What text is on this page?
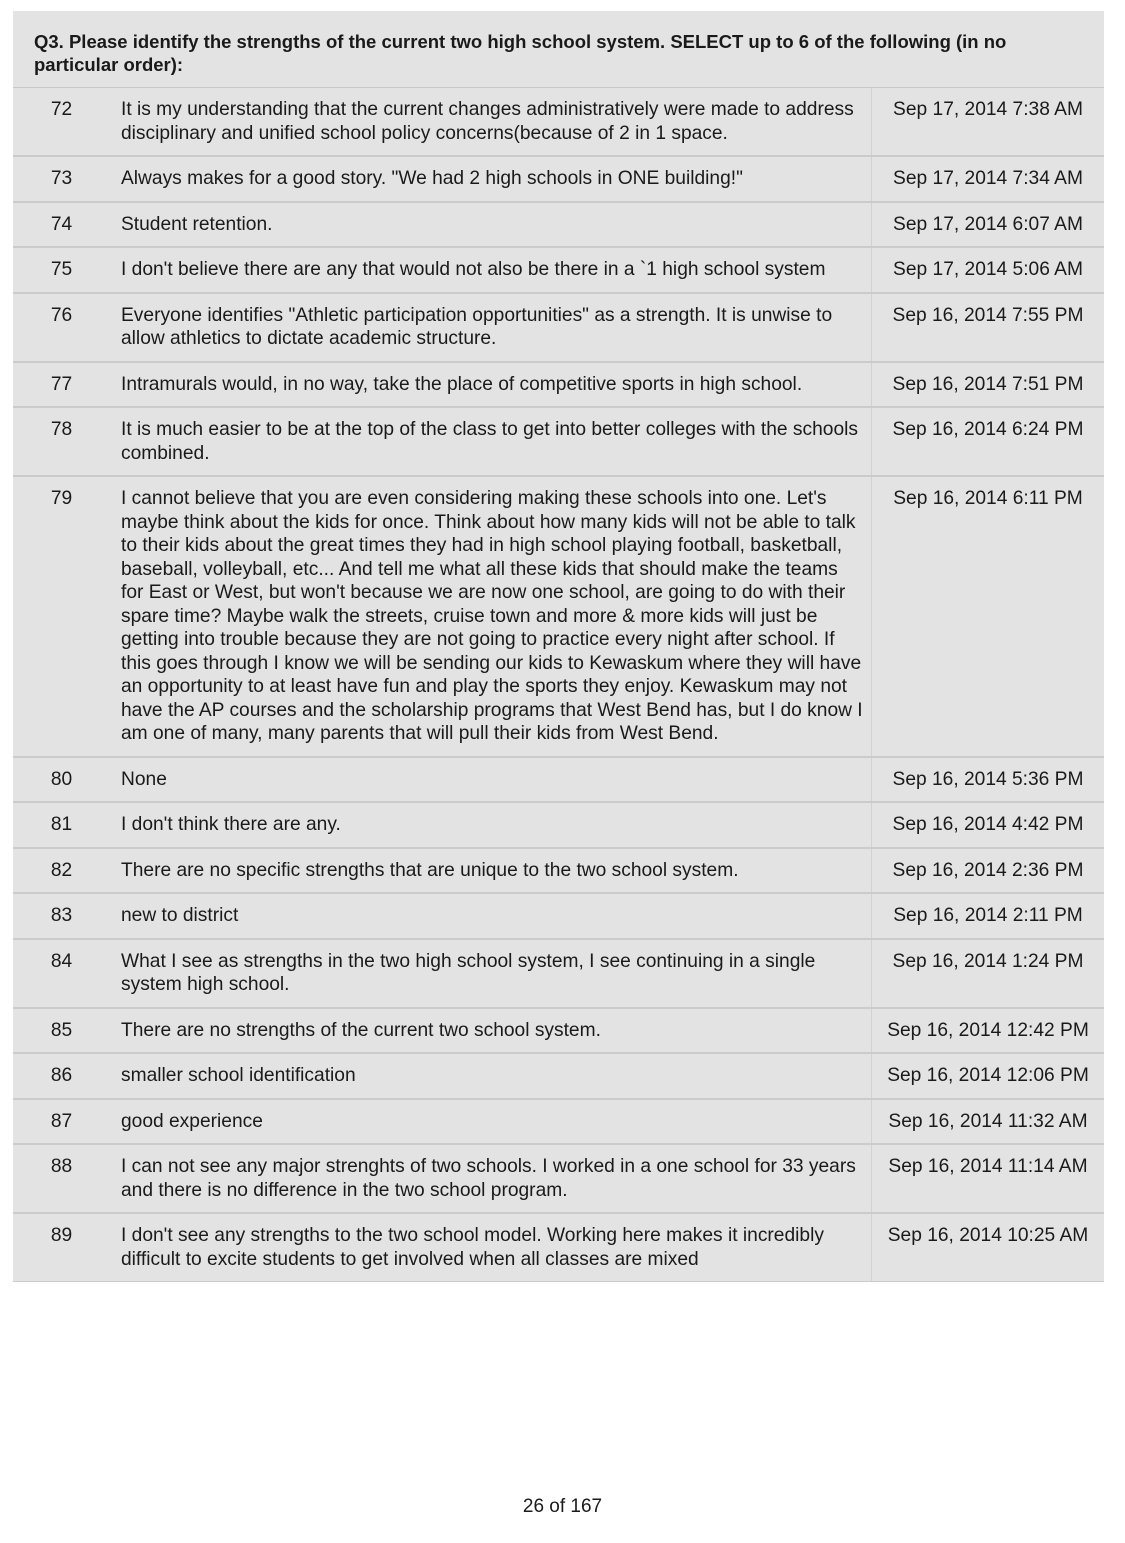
Q3. Please identify the strengths of the current two high school system. SELECT up to 6 of the following (in no particular order):
72	It is my understanding that the current changes administratively were made to address disciplinary and unified school policy concerns(because of 2 in 1 space.	Sep 17, 2014 7:38 AM
73	Always makes for a good story. "We had 2 high schools in ONE building!"	Sep 17, 2014 7:34 AM
74	Student retention.	Sep 17, 2014 6:07 AM
75	I don't believe there are any that would not also be there in a `1 high school system	Sep 17, 2014 5:06 AM
76	Everyone identifies "Athletic participation opportunities" as a strength. It is unwise to allow athletics to dictate academic structure.	Sep 16, 2014 7:55 PM
77	Intramurals would, in no way, take the place of competitive sports in high school.	Sep 16, 2014 7:51 PM
78	It is much easier to be at the top of the class to get into better colleges with the schools combined.	Sep 16, 2014 6:24 PM
79	I cannot believe that you are even considering making these schools into one. Let's maybe think about the kids for once. Think about how many kids will not be able to talk to their kids about the great times they had in high school playing football, basketball, baseball, volleyball, etc... And tell me what all these kids that should make the teams for East or West, but won't because we are now one school, are going to do with their spare time? Maybe walk the streets, cruise town and more & more kids will just be getting into trouble because they are not going to practice every night after school. If this goes through I know we will be sending our kids to Kewaskum where they will have an opportunity to at least have fun and play the sports they enjoy. Kewaskum may not have the AP courses and the scholarship programs that West Bend has, but I do know I am one of many, many parents that will pull their kids from West Bend.	Sep 16, 2014 6:11 PM
80	None	Sep 16, 2014 5:36 PM
81	I don't think there are any.	Sep 16, 2014 4:42 PM
82	There are no specific strengths that are unique to the two school system.	Sep 16, 2014 2:36 PM
83	new to district	Sep 16, 2014 2:11 PM
84	What I see as strengths in the two high school system, I see continuing in a single system high school.	Sep 16, 2014 1:24 PM
85	There are no strengths of the current two school system.	Sep 16, 2014 12:42 PM
86	smaller school identification	Sep 16, 2014 12:06 PM
87	good experience	Sep 16, 2014 11:32 AM
88	I can not see any major strenghts of two schools. I worked in a one school for 33 years and there is no difference in the two school program.	Sep 16, 2014 11:14 AM
89	I don't see any strengths to the two school model. Working here makes it incredibly difficult to excite students to get involved when all classes are mixed	Sep 16, 2014 10:25 AM
26 of 167
